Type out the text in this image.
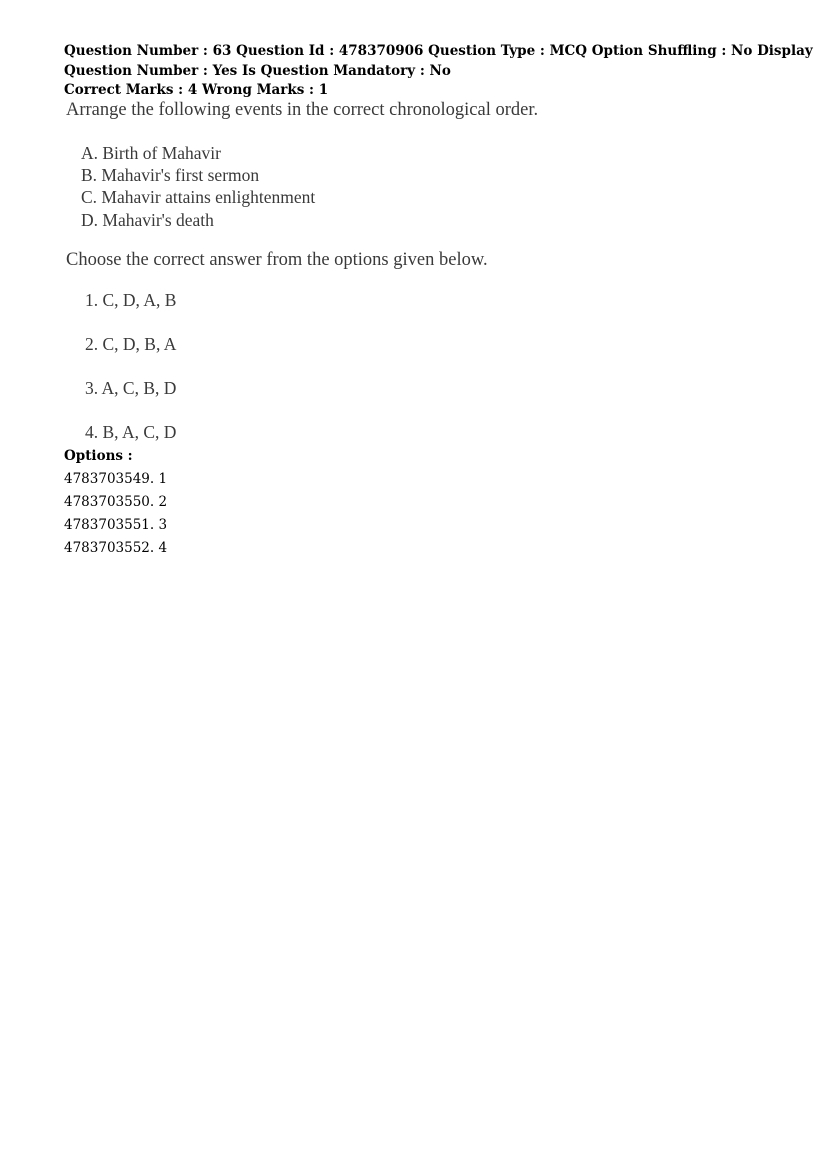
Question Number : 63 Question Id : 478370906 Question Type : MCQ Option Shuffling : No Display
Question Number : Yes Is Question Mandatory : No
Correct Marks : 4 Wrong Marks : 1
Arrange the following events in the correct chronological order.
A. Birth of Mahavir
B. Mahavir's first sermon
C. Mahavir attains enlightenment
D. Mahavir's death
Choose the correct answer from the options given below.
1. C, D, A, B
2. C, D, B, A
3. A, C, B, D
4. B, A, C, D
Options :
4783703549. 1
4783703550. 2
4783703551. 3
4783703552. 4
